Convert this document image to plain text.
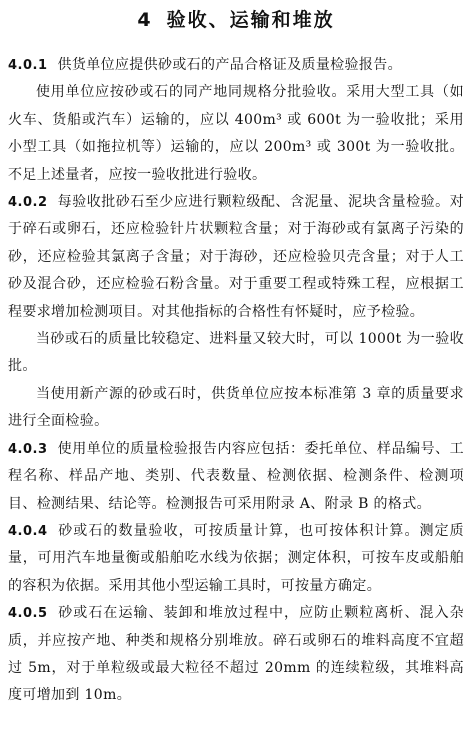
4 验收、运输和堆放

4.0.1 供货单位应提供砂或石的产品合格证及质量检验报告。

使用单位应按砂或石的同产地同规格分批验收。采用大型工具（如火车、货船或汽车）运输的，应以 400m³ 或 600t 为一验收批；采用小型工具（如拖拉机等）运输的，应以 200m³ 或 300t 为一验收批。不足上述量者，应按一验收批进行验收。

4.0.2 每验收批砂石至少应进行颗粒级配、含泥量、泥块含量检验。对于碎石或卵石，还应检验针片状颗粒含量；对于海砂或有氯离子污染的砂，还应检验其氯离子含量；对于海砂，还应检验贝壳含量；对于人工砂及混合砂，还应检验石粉含量。对于重要工程或特殊工程，应根据工程要求增加检测项目。对其他指标的合格性有怀疑时，应予检验。

当砂或石的质量比较稳定、进料量又较大时，可以 1000t 为一验收批。

当使用新产源的砂或石时，供货单位应按本标准第 3 章的质量要求进行全面检验。

4.0.3 使用单位的质量检验报告内容应包括：委托单位、样品编号、工程名称、样品产地、类别、代表数量、检测依据、检测条件、检测项目、检测结果、结论等。检测报告可采用附录 A、附录 B 的格式。

4.0.4 砂或石的数量验收，可按质量计算，也可按体积计算。测定质量，可用汽车地量衡或船舶吃水线为依据；测定体积，可按车皮或船舶的容积为依据。采用其他小型运输工具时，可按量方确定。

4.0.5 砂或石在运输、装卸和堆放过程中，应防止颗粒离析、混入杂质，并应按产地、种类和规格分别堆放。碎石或卵石的堆料高度不宜超过 5m，对于单粒级或最大粒径不超过 20mm 的连续粒级，其堆料高度可增加到 10m。
